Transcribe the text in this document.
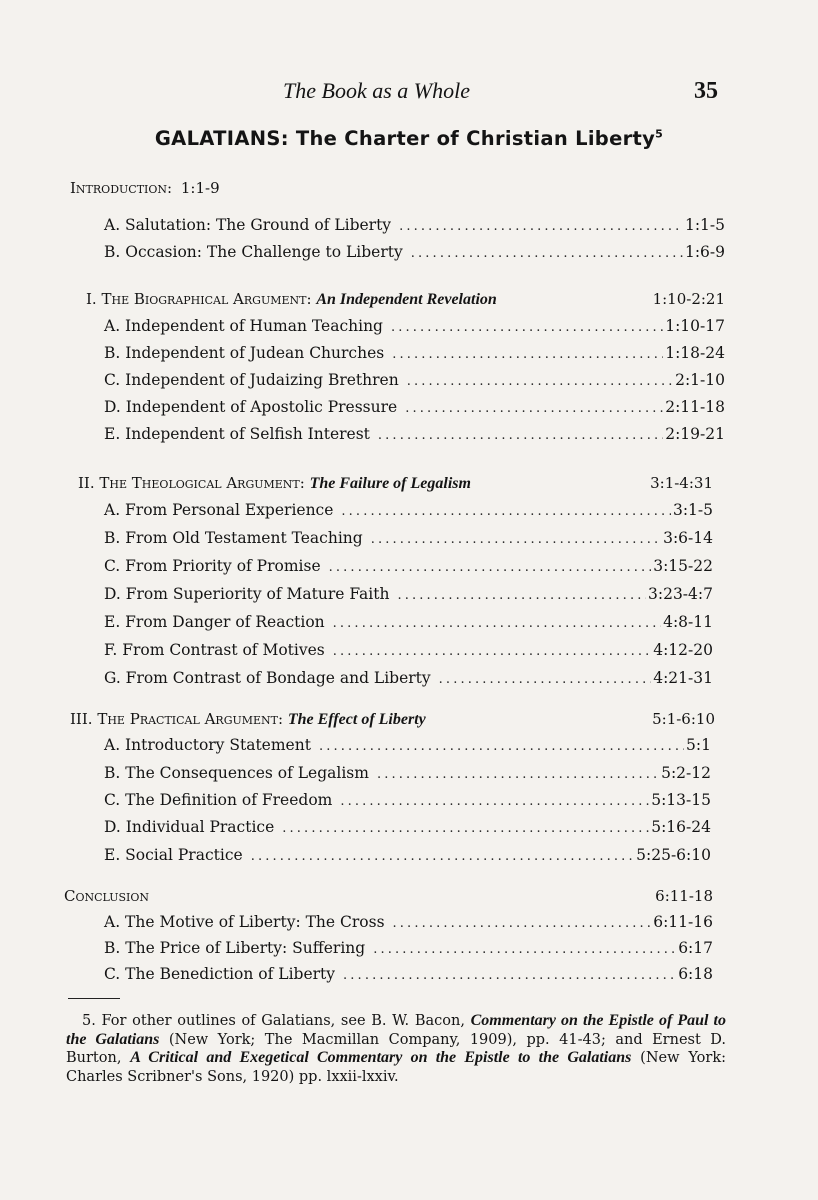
The Book as a Whole	35
GALATIANS: The Charter of Christian Liberty$^5$
Introduction: 1:1-9
A. Salutation: The Ground of Liberty . . .	1:1-5
B. Occasion: The Challenge to Liberty . . .	1:6-9
I. The Biographical Argument: An Independent Revelation	1:10-2:21
A. Independent of Human Teaching . . .	1:10-17
B. Independent of Judean Churches . . .	1:18-24
C. Independent of Judaizing Brethren . . .	2:1-10
D. Independent of Apostolic Pressure . . .	2:11-18
E. Independent of Selfish Interest . . .	2:19-21
II. The Theological Argument: The Failure of Legalism	3:1-4:31
A. From Personal Experience . . .	3:1-5
B. From Old Testament Teaching . . .	3:6-14
C. From Priority of Promise . . .	3:15-22
D. From Superiority of Mature Faith . . .	3:23-4:7
E. From Danger of Reaction . . .	4:8-11
F. From Contrast of Motives . . .	4:12-20
G. From Contrast of Bondage and Liberty . . .	4:21-31
III. The Practical Argument: The Effect of Liberty	5:1-6:10
A. Introductory Statement . . .	5:1
B. The Consequences of Legalism . . .	5:2-12
C. The Definition of Freedom . . .	5:13-15
D. Individual Practice . . .	5:16-24
E. Social Practice . . .	5:25-6:10
Conclusion	6:11-18
A. The Motive of Liberty: The Cross . . .	6:11-16
B. The Price of Liberty: Suffering . . .	6:17
C. The Benediction of Liberty . . .	6:18
5. For other outlines of Galatians, see B. W. Bacon, Commentary on the Epistle of Paul to the Galatians (New York; The Macmillan Company, 1909), pp. 41-43; and Ernest D. Burton, A Critical and Exegetical Commentary on the Epistle to the Galatians (New York: Charles Scribner's Sons, 1920) pp. lxxii-lxxiv.
